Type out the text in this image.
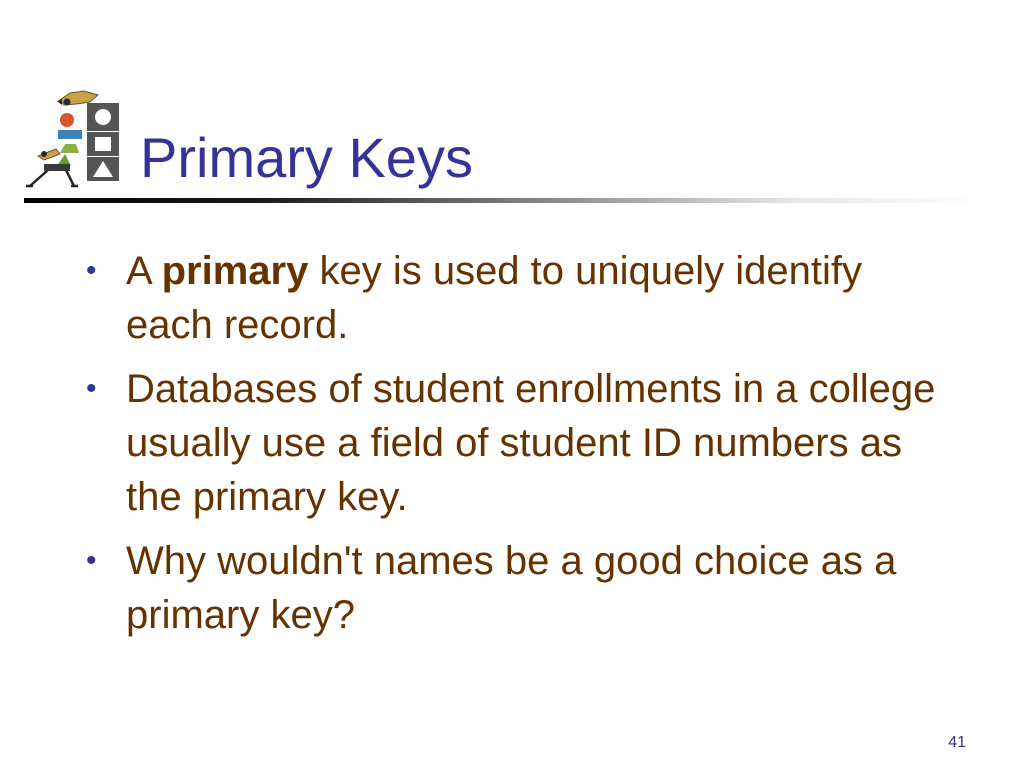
Primary Keys
• A primary key is used to uniquely identify each record.
• Databases of student enrollments in a college usually use a field of student ID numbers as the primary key.
• Why wouldn't names be a good choice as a primary key?
41
